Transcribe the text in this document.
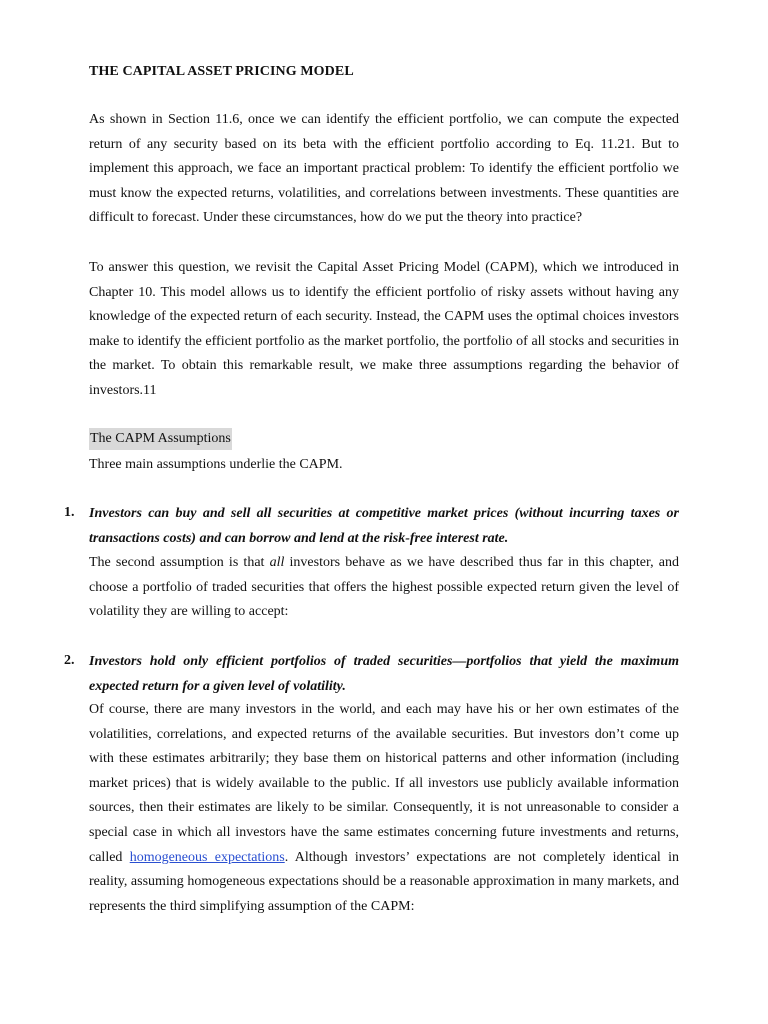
THE CAPITAL ASSET PRICING MODEL
As shown in Section 11.6, once we can identify the efficient portfolio, we can compute the expected return of any security based on its beta with the efficient portfolio according to Eq. 11.21. But to implement this approach, we face an important practical problem: To identify the efficient portfolio we must know the expected returns, volatilities, and correlations between investments. These quantities are difficult to forecast. Under these circumstances, how do we put the theory into practice?
To answer this question, we revisit the Capital Asset Pricing Model (CAPM), which we introduced in Chapter 10. This model allows us to identify the efficient portfolio of risky assets without having any knowledge of the expected return of each security. Instead, the CAPM uses the optimal choices investors make to identify the efficient portfolio as the market portfolio, the portfolio of all stocks and securities in the market. To obtain this remarkable result, we make three assumptions regarding the behavior of investors.11
The CAPM Assumptions
Three main assumptions underlie the CAPM.
1. Investors can buy and sell all securities at competitive market prices (without incurring taxes or transactions costs) and can borrow and lend at the risk-free interest rate.
The second assumption is that all investors behave as we have described thus far in this chapter, and choose a portfolio of traded securities that offers the highest possible expected return given the level of volatility they are willing to accept:
2. Investors hold only efficient portfolios of traded securities—portfolios that yield the maximum expected return for a given level of volatility.
Of course, there are many investors in the world, and each may have his or her own estimates of the volatilities, correlations, and expected returns of the available securities. But investors don’t come up with these estimates arbitrarily; they base them on historical patterns and other information (including market prices) that is widely available to the public. If all investors use publicly available information sources, then their estimates are likely to be similar. Consequently, it is not unreasonable to consider a special case in which all investors have the same estimates concerning future investments and returns, called homogeneous expectations. Although investors’ expectations are not completely identical in reality, assuming homogeneous expectations should be a reasonable approximation in many markets, and represents the third simplifying assumption of the CAPM:
